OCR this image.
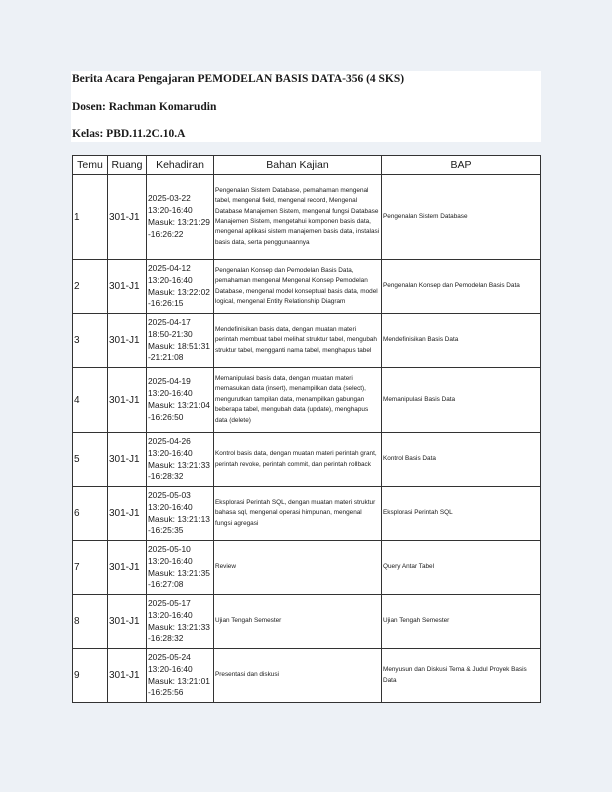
Berita Acara Pengajaran PEMODELAN BASIS DATA-356 (4 SKS)
Dosen: Rachman Komarudin
Kelas: PBD.11.2C.10.A
Temu	Ruang	Kehadiran	Bahan Kajian	BAP
1	301-J1	2025-03-22 13:20-16:40 Masuk: 13:21:29 -16:26:22	Pengenalan Sistem Database, pemahaman mengenal tabel, mengenal field, mengenal record, Mengenal Database Manajemen Sistem, mengenal fungsi Database Manajemen Sistem, mengetahui komponen basis data, mengenal aplikasi sistem manajemen basis data, instalasi basis data, serta penggunaannya	Pengenalan Sistem Database
2	301-J1	2025-04-12 13:20-16:40 Masuk: 13:22:02 -16:26:15	Pengenalan Konsep dan Pemodelan Basis Data, pemahaman mengenal Mengenal Konsep Pemodelan Database, mengenal model konseptual basis data, model logical, mengenal Entity Relationship Diagram	Pengenalan Konsep dan Pemodelan Basis Data
3	301-J1	2025-04-17 18:50-21:30 Masuk: 18:51:31 -21:21:08	Mendefinisikan basis data, dengan muatan materi perintah membuat tabel melihat struktur tabel, mengubah struktur tabel, mengganti nama tabel, menghapus tabel	Mendefinisikan Basis Data
4	301-J1	2025-04-19 13:20-16:40 Masuk: 13:21:04 -16:26:50	Memanipulasi basis data, dengan muatan materi memasukan data (insert), menampilkan data (select), mengurutkan tampilan data, menampilkan gabungan beberapa tabel, mengubah data (update), menghapus data (delete)	Memanipulasi Basis Data
5	301-J1	2025-04-26 13:20-16:40 Masuk: 13:21:33 -16:28:32	Kontrol basis data, dengan muatan materi perintah grant, perintah revoke, perintah commit, dan perintah rollback	Kontrol Basis Data
6	301-J1	2025-05-03 13:20-16:40 Masuk: 13:21:13 -16:25:35	Eksplorasi Perintah SQL, dengan muatan materi struktur bahasa sql, mengenal operasi himpunan, mengenal fungsi agregasi	Eksplorasi Perintah SQL
7	301-J1	2025-05-10 13:20-16:40 Masuk: 13:21:35 -16:27:08	Review	Query Antar Tabel
8	301-J1	2025-05-17 13:20-16:40 Masuk: 13:21:33 -16:28:32	Ujian Tengah Semester	Ujian Tengah Semester
9	301-J1	2025-05-24 13:20-16:40 Masuk: 13:21:01 -16:25:56	Presentasi dan diskusi	Menyusun dan Diskusi Tema & Judul Proyek Basis Data
